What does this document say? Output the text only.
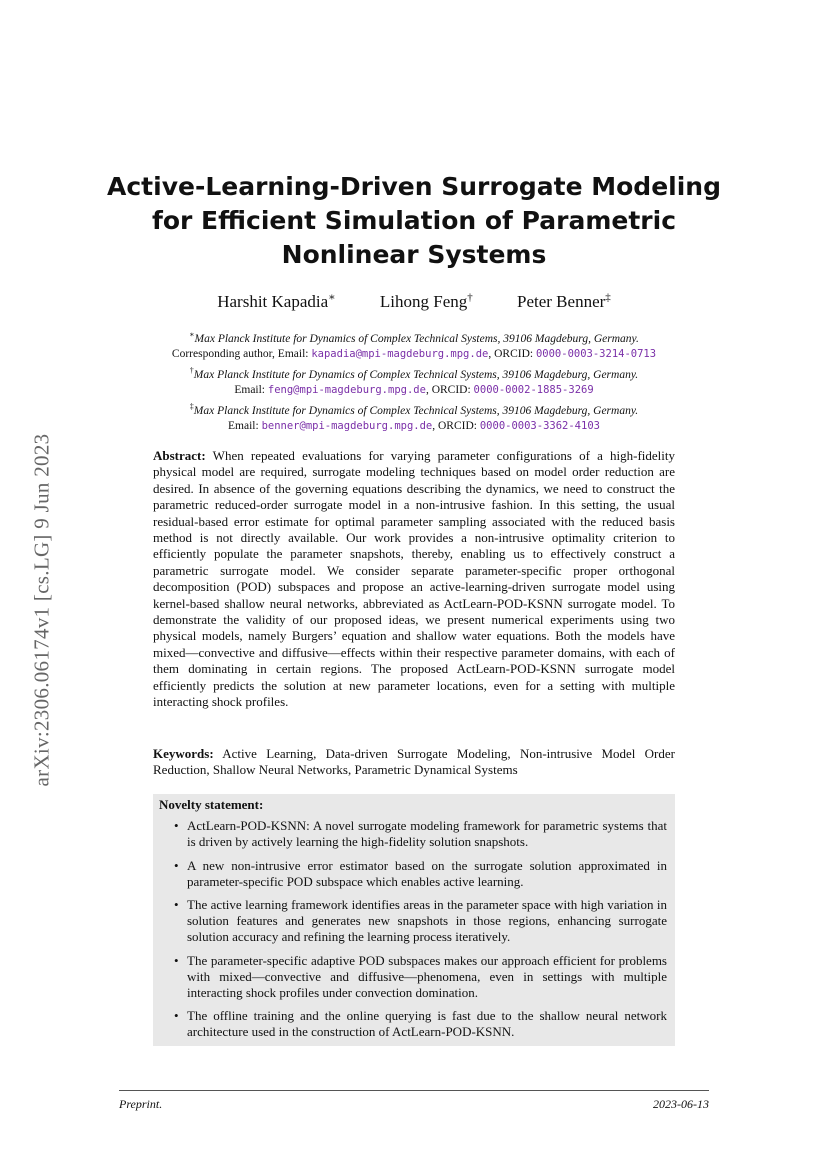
arXiv:2306.06174v1 [cs.LG] 9 Jun 2023
Active-Learning-Driven Surrogate Modeling
for Efficient Simulation of Parametric
Nonlinear Systems
Harshit Kapadia∗	Lihong Feng†	Peter Benner‡
∗Max Planck Institute for Dynamics of Complex Technical Systems, 39106 Magdeburg, Germany.
Corresponding author, Email: kapadia@mpi-magdeburg.mpg.de, ORCID: 0000-0003-3214-0713
†Max Planck Institute for Dynamics of Complex Technical Systems, 39106 Magdeburg, Germany.
Email: feng@mpi-magdeburg.mpg.de, ORCID: 0000-0002-1885-3269
‡Max Planck Institute for Dynamics of Complex Technical Systems, 39106 Magdeburg, Germany.
Email: benner@mpi-magdeburg.mpg.de, ORCID: 0000-0003-3362-4103
Abstract: When repeated evaluations for varying parameter configurations of a high-fidelity physical model are required, surrogate modeling techniques based on model order reduction are desired. In absence of the governing equations describing the dynamics, we need to construct the parametric reduced-order surrogate model in a non-intrusive fashion. In this setting, the usual residual-based error estimate for optimal parameter sampling associated with the reduced basis method is not directly available. Our work provides a non-intrusive optimality criterion to efficiently populate the parameter snapshots, thereby, enabling us to effectively construct a parametric surrogate model. We consider separate parameter-specific proper orthogonal decomposition (POD) subspaces and propose an active-learning-driven surrogate model using kernel-based shallow neural networks, abbreviated as ActLearn-POD-KSNN surrogate model. To demonstrate the validity of our proposed ideas, we present numerical experiments using two physical models, namely Burgers’ equation and shallow water equations. Both the models have mixed—convective and diffusive—effects within their respective parameter domains, with each of them dominating in certain regions. The proposed ActLearn-POD-KSNN surrogate model efficiently predicts the solution at new parameter locations, even for a setting with multiple interacting shock profiles.
Keywords: Active Learning, Data-driven Surrogate Modeling, Non-intrusive Model Order Reduction, Shallow Neural Networks, Parametric Dynamical Systems
Novelty statement:
• ActLearn-POD-KSNN: A novel surrogate modeling framework for parametric systems that is driven by actively learning the high-fidelity solution snapshots.
• A new non-intrusive error estimator based on the surrogate solution approximated in parameter-specific POD subspace which enables active learning.
• The active learning framework identifies areas in the parameter space with high variation in solution features and generates new snapshots in those regions, enhancing surrogate solution accuracy and refining the learning process iteratively.
• The parameter-specific adaptive POD subspaces makes our approach efficient for problems with mixed—convective and diffusive—phenomena, even in settings with multiple interacting shock profiles under convection domination.
• The offline training and the online querying is fast due to the shallow neural network architecture used in the construction of ActLearn-POD-KSNN.
Preprint.	2023-06-13
